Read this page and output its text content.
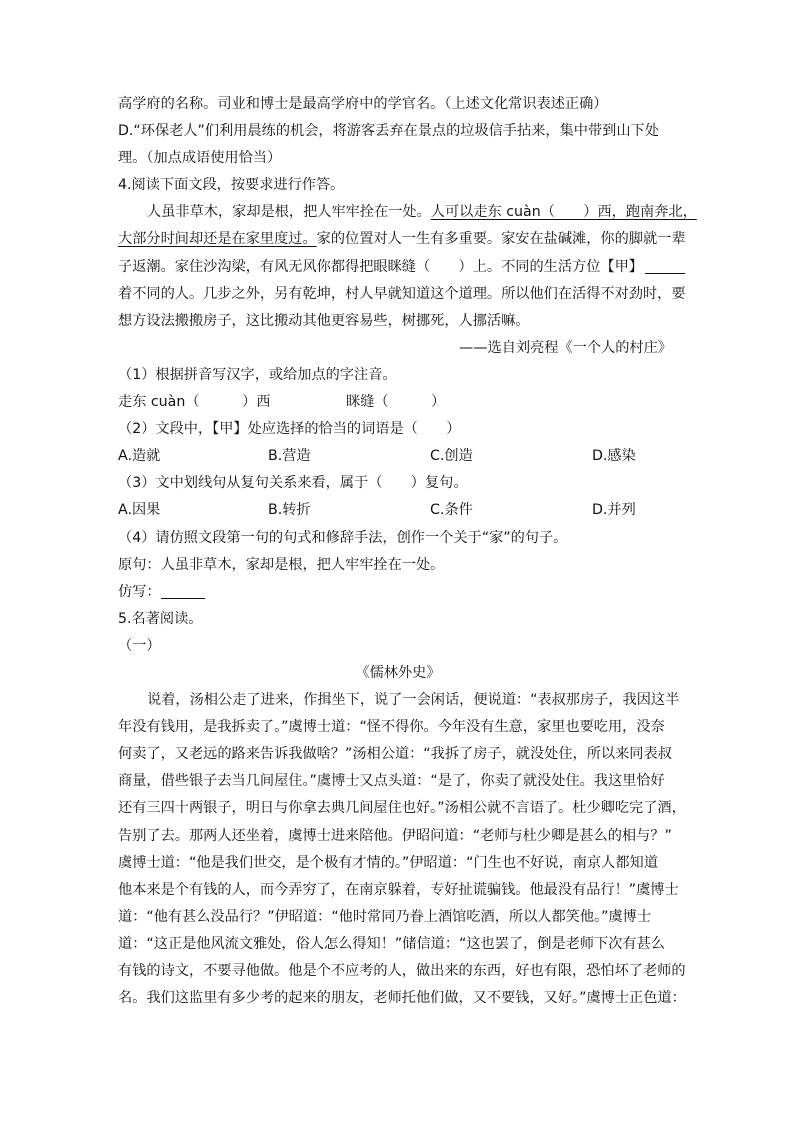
高学府的名称。司业和博士是最高学府中的学官名。（上述文化常识表述正确）
D.“环保老人”们利用晨练的机会，将游客丢弃在景点的垃圾信手拈来，集中带到山下处
理。（加点成语使用恰当）
4.阅读下面文段，按要求进行作答。
人虽非草木，家却是根，把人牢牢拴在一处。人可以走东 cuàn（　　）西，跑南奔北，
大部分时间却还是在家里度过。家的位置对人一生有多重要。家安在盐碱滩，你的脚就一辈
子返潮。家住沙沟梁，有风无风你都得把眼眯缝（　　）上。不同的生活方位【甲】
着不同的人。几步之外，另有乾坤，村人早就知道这个道理。所以他们在活得不对劲时，要
想方设法搬搬房子，这比搬动其他更容易些，树挪死，人挪活嘛。
——选自刘亮程《一个人的村庄》
（1）根据拼音写汉字，或给加点的字注音。
走东 cuàn（　　　）西	眯缝（　　　）
（2）文段中，【甲】处应选择的恰当的词语是（　　）
A.造就	B.营造	C.创造	D.感染
（3）文中划线句从复句关系来看，属于（　　）复句。
A.因果	B.转折	C.条件	D.并列
（4）请仿照文段第一句的句式和修辞手法，创作一个关于“家”的句子。
原句：人虽非草木，家却是根，把人牢牢拴在一处。
仿写：
5.名著阅读。
（一）
《儒林外史》
说着，汤相公走了进来，作揖坐下，说了一会闲话，便说道：“表叔那房子，我因这半
年没有钱用，是我拆卖了。”虞博士道：“怪不得你。今年没有生意，家里也要吃用，没奈
何卖了，又老远的路来告诉我做啥？”汤相公道：“我拆了房子，就没处住，所以来同表叔
商量，借些银子去当几间屋住。”虞博士又点头道：“是了，你卖了就没处住。我这里恰好
还有三四十两银子，明日与你拿去典几间屋住也好。”汤相公就不言语了。杜少卿吃完了酒，
告别了去。那两人还坐着，虞博士进来陪他。伊昭问道：“老师与杜少卿是甚么的相与？”
虞博士道：“他是我们世交，是个极有才情的。”伊昭道：“门生也不好说，南京人都知道
他本来是个有钱的人，而今弄穷了，在南京躲着，专好扯谎骗钱。他最没有品行！”虞博士
道：“他有甚么没品行？”伊昭道：“他时常同乃眷上酒馆吃酒，所以人都笑他。”虞博士
道：“这正是他风流文雅处，俗人怎么得知！”储信道：“这也罢了，倒是老师下次有甚么
有钱的诗文，不要寻他做。他是个不应考的人，做出来的东西，好也有限，恐怕坏了老师的
名。我们这监里有多少考的起来的朋友，老师托他们做，又不要钱，又好。”虞博士正色道：
